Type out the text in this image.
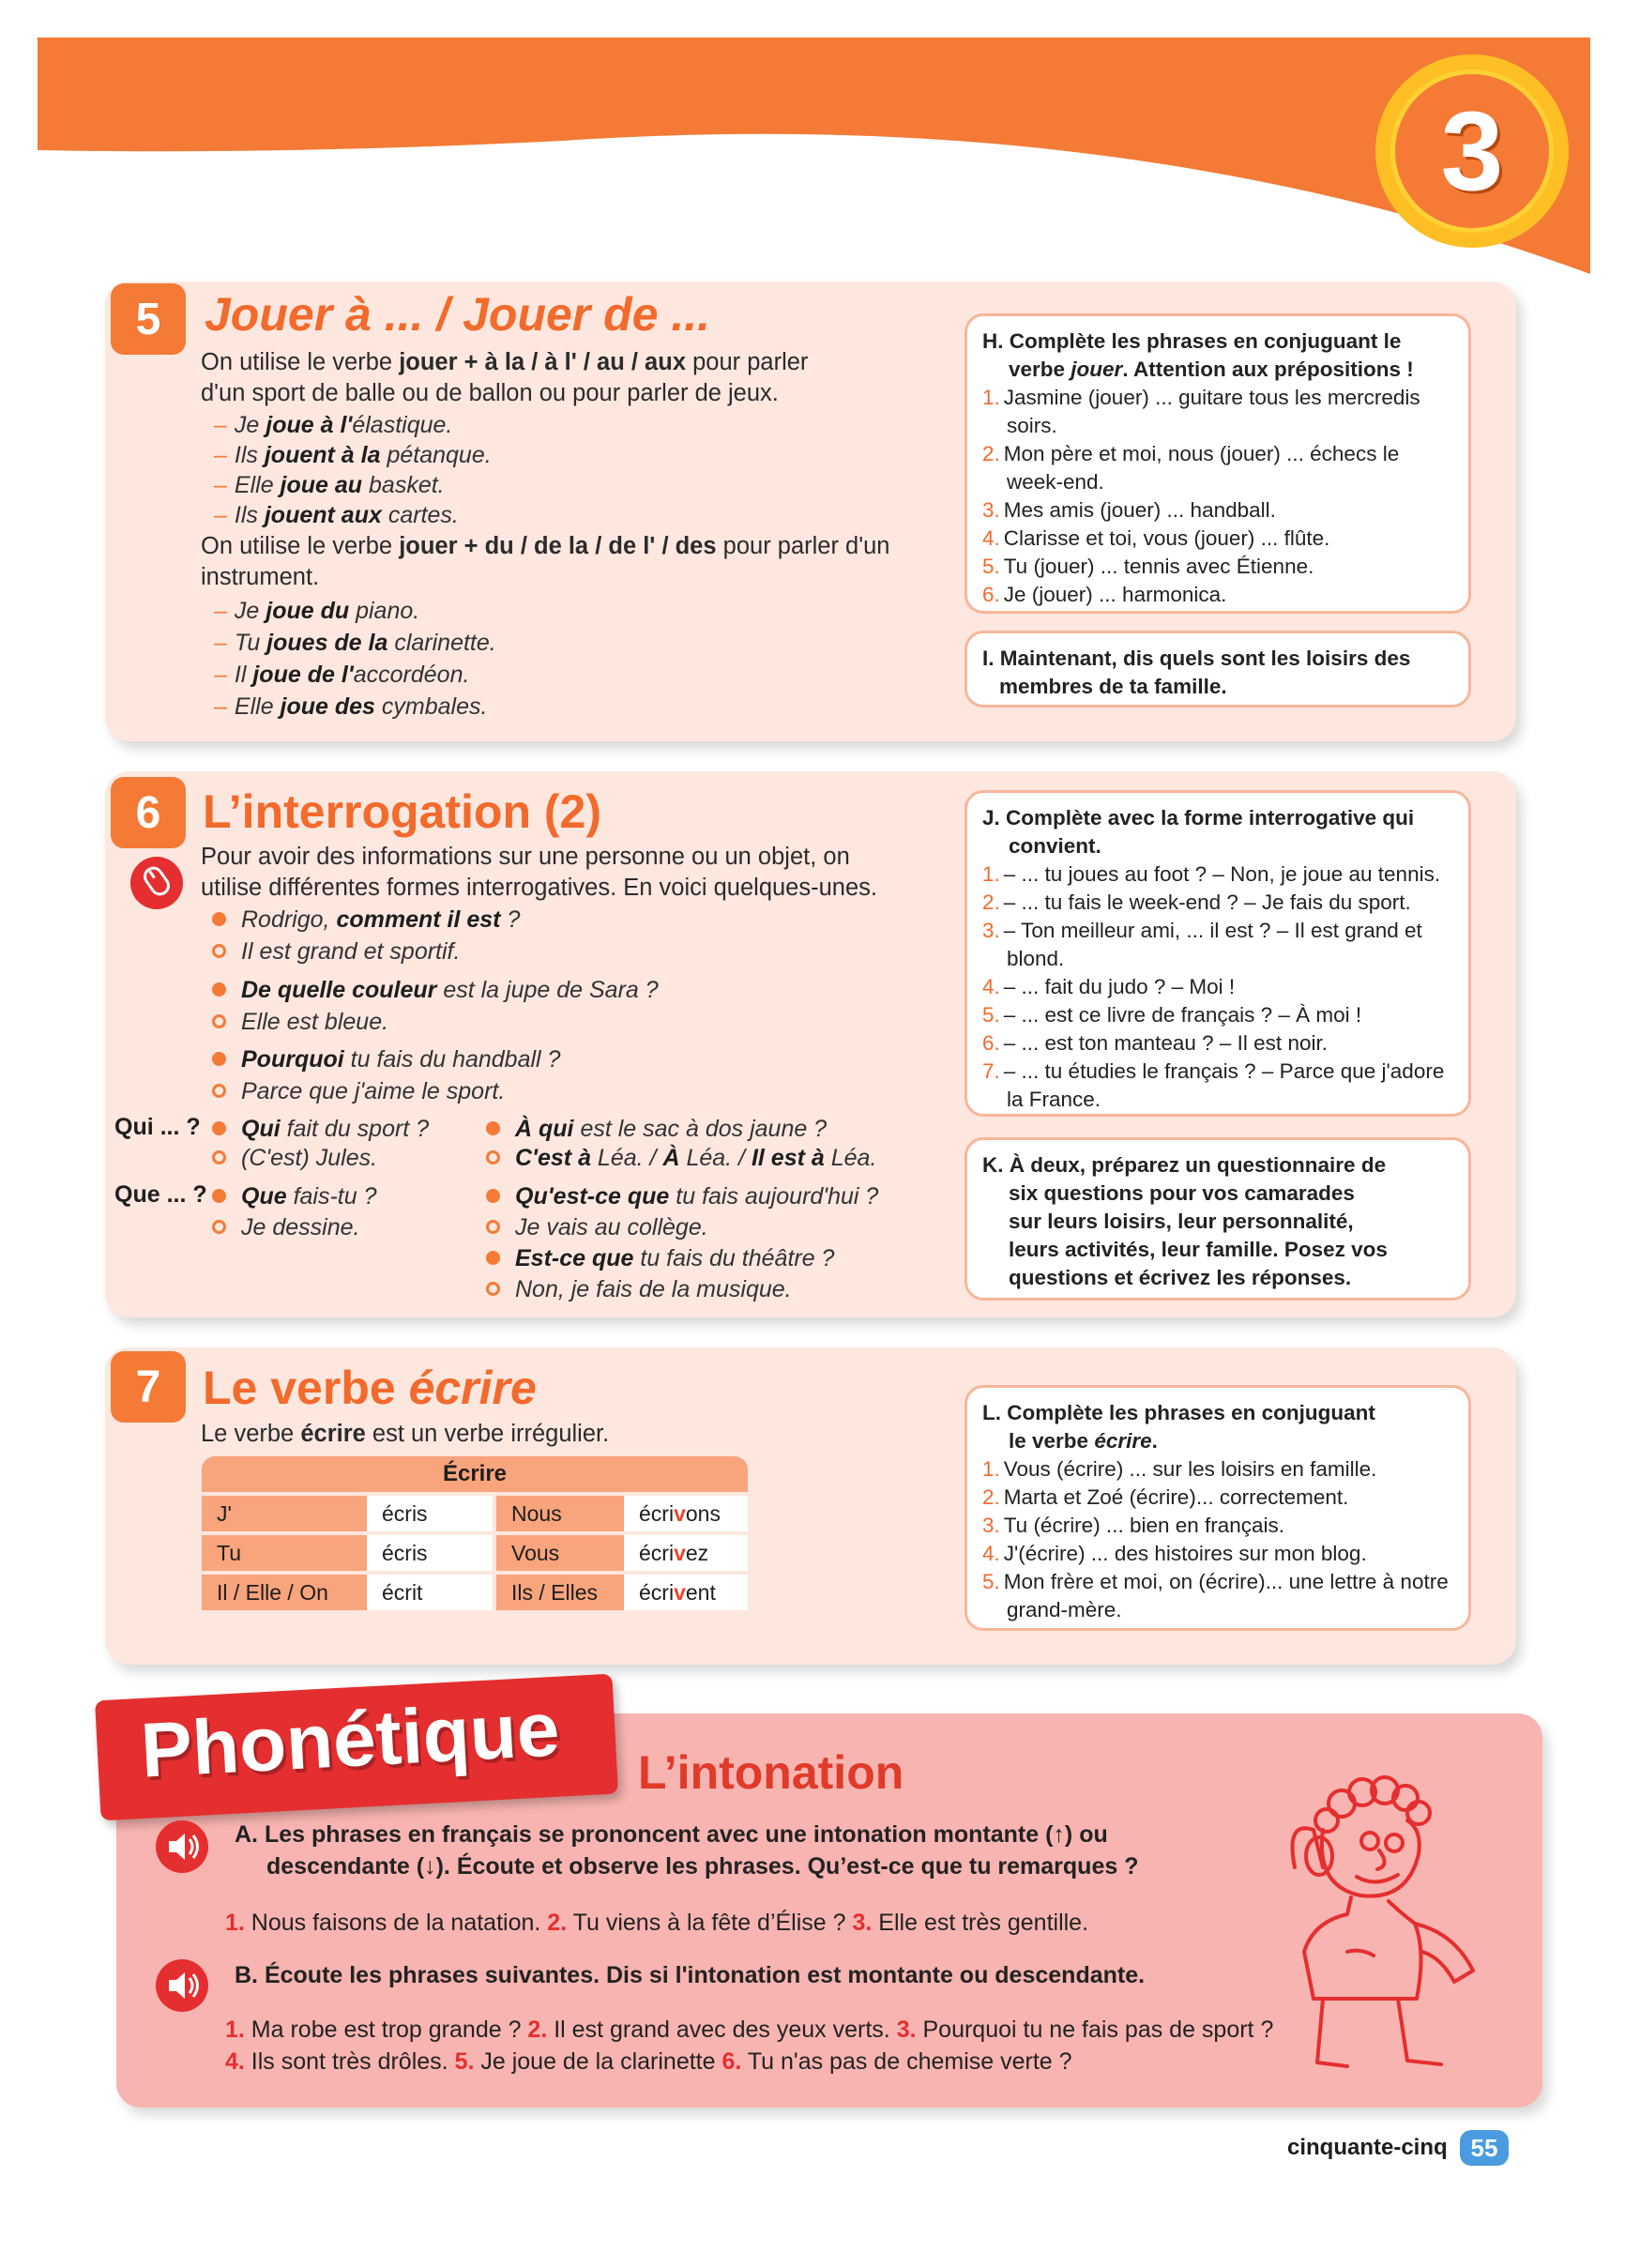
3
5 Jouer à ... / Jouer de ...
On utilise le verbe jouer + à la / à l' / au / aux pour parler
d'un sport de balle ou de ballon ou pour parler de jeux.
– Je joue à l'élastique.
– Ils jouent à la pétanque.
– Elle joue au basket.
– Ils jouent aux cartes.
On utilise le verbe jouer + du / de la / de l' / des pour parler d'un
instrument.
– Je joue du piano.
– Tu joues de la clarinette.
– Il joue de l'accordéon.
– Elle joue des cymbales.
H. Complète les phrases en conjuguant le
verbe jouer. Attention aux prépositions !
1. Jasmine (jouer) ... guitare tous les mercredis soirs.
2. Mon père et moi, nous (jouer) ... échecs le week-end.
3. Mes amis (jouer) ... handball.
4. Clarisse et toi, vous (jouer) ... flûte.
5. Tu (jouer) ... tennis avec Étienne.
6. Je (jouer) ... harmonica.
I. Maintenant, dis quels sont les loisirs des
membres de ta famille.
6 L’interrogation (2)
Pour avoir des informations sur une personne ou un objet, on
utilise différentes formes interrogatives. En voici quelques-unes.
Rodrigo, comment il est ?
Il est grand et sportif.
De quelle couleur est la jupe de Sara ?
Elle est bleue.
Pourquoi tu fais du handball ?
Parce que j'aime le sport.
Qui ... ?	Qui fait du sport ?
(C'est) Jules.
À qui est le sac à dos jaune ?
C'est à Léa. / À Léa. / Il est à Léa.
Que ... ?	Que fais-tu ?
Je dessine.
Qu'est-ce que tu fais aujourd'hui ?
Je vais au collège.
Est-ce que tu fais du théâtre ?
Non, je fais de la musique.
J. Complète avec la forme interrogative qui
convient.
1. – ... tu joues au foot ? – Non, je joue au tennis.
2. – ... tu fais le week-end ? – Je fais du sport.
3. – Ton meilleur ami, ... il est ? – Il est grand et blond.
4. – ... fait du judo ? – Moi !
5. – ... est ce livre de français ? – À moi !
6. – ... est ton manteau ? – Il est noir.
7. – ... tu étudies le français ? – Parce que j'adore la France.
K. À deux, préparez un questionnaire de
six questions pour vos camarades
sur leurs loisirs, leur personnalité,
leurs activités, leur famille. Posez vos
questions et écrivez les réponses.
7 Le verbe écrire
Le verbe écrire est un verbe irrégulier.
Écrire
J'	écris	Nous	écrivons
Tu	écris	Vous	écrivez
Il / Elle / On	écrit	Ils / Elles	écrivent
L. Complète les phrases en conjuguant
le verbe écrire.
1. Vous (écrire) ... sur les loisirs en famille.
2. Marta et Zoé (écrire)... correctement.
3. Tu (écrire) ... bien en français.
4. J'(écrire) ... des histoires sur mon blog.
5. Mon frère et moi, on (écrire)... une lettre à notre grand-mère.
Phonétique L’intonation
A. Les phrases en français se prononcent avec une intonation montante (↑) ou
descendante (↓). Écoute et observe les phrases. Qu’est-ce que tu remarques ?
1. Nous faisons de la natation. 2. Tu viens à la fête d’Élise ? 3. Elle est très gentille.
B. Écoute les phrases suivantes. Dis si l'intonation est montante ou descendante.
1. Ma robe est trop grande ? 2. Il est grand avec des yeux verts. 3. Pourquoi tu ne fais pas de sport ?
4. Ils sont très drôles. 5. Je joue de la clarinette 6. Tu n'as pas de chemise verte ?
cinquante-cinq 55
